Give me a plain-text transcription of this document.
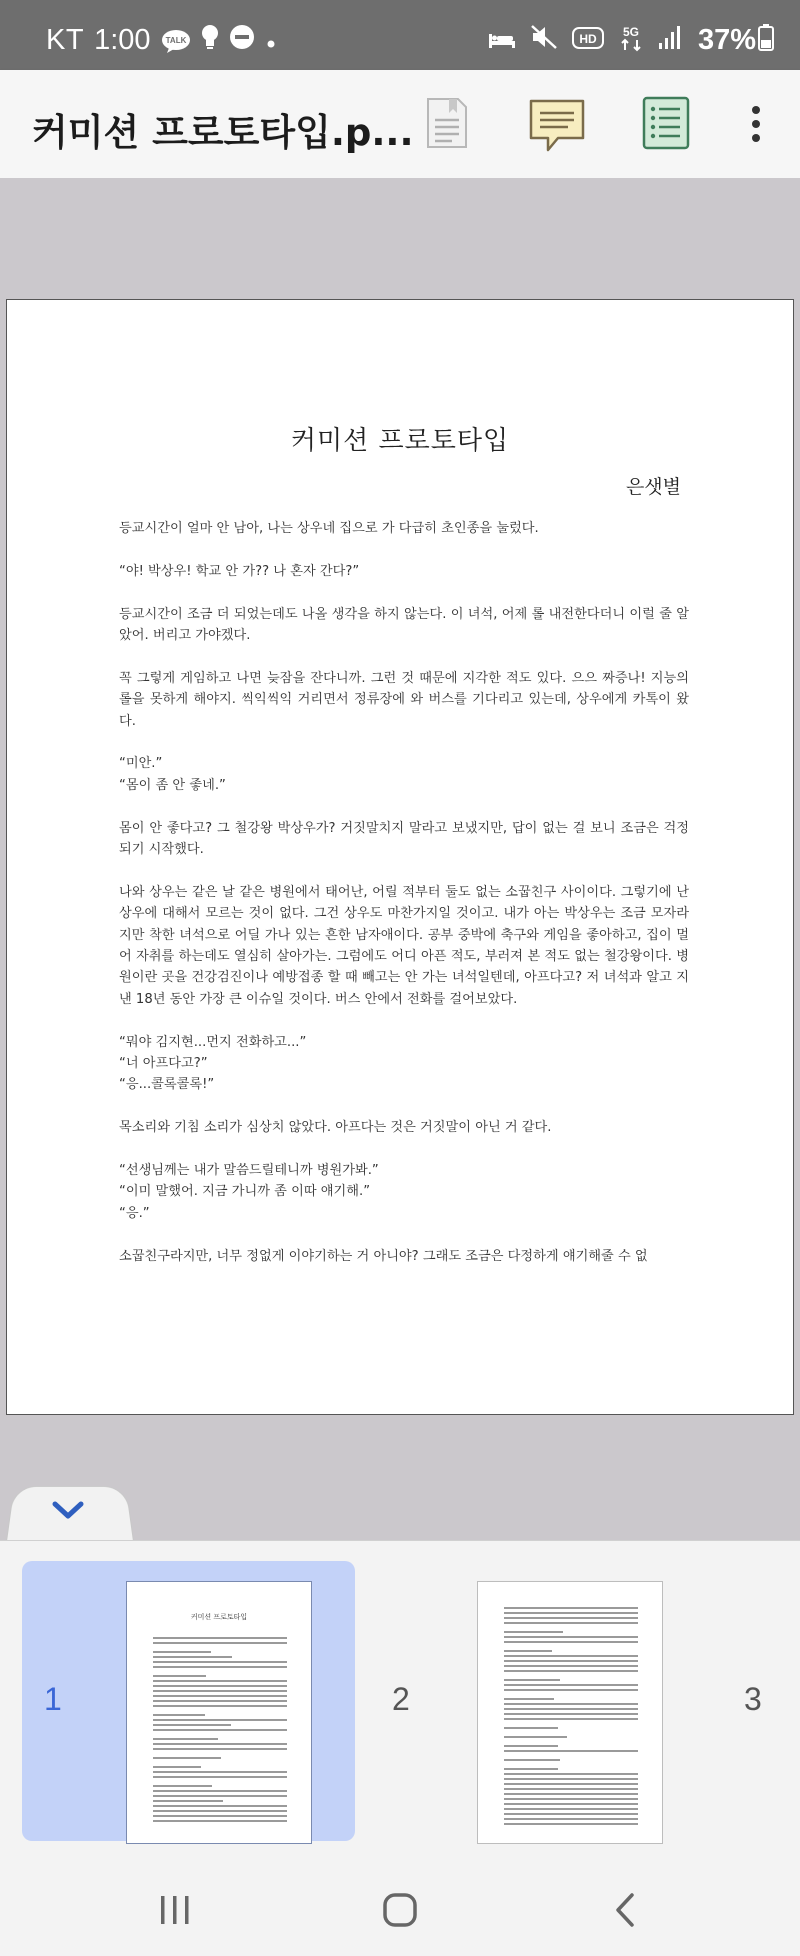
KT 1:00 TALK	HD 5G 37%
커미션 프로토타입.p...
커미션 프로토타입
은샛별

등교시간이 얼마 안 남아, 나는 상우네 집으로 가 다급히 초인종을 눌렀다.

“야! 박상우! 학교 안 가?? 나 혼자 간다?”

등교시간이 조금 더 되었는데도 나올 생각을 하지 않는다. 이 녀석, 어제 롤 내전한다더니 이럴 줄 알았어. 버리고 가야겠다.

꼭 그렇게 게임하고 나면 늦잠을 잔다니까. 그런 것 때문에 지각한 적도 있다. 으으 짜증나! 지능의 롤을 못하게 해야지. 씩익씩익 거리면서 정류장에 와 버스를 기다리고 있는데, 상우에게 카톡이 왔다.

“미안.”
“몸이 좀 안 좋네.”

몸이 안 좋다고? 그 철강왕 박상우가? 거짓말치지 말라고 보냈지만, 답이 없는 걸 보니 조금은 걱정되기 시작했다.

나와 상우는 같은 날 같은 병원에서 태어난, 어릴 적부터 둘도 없는 소꿉친구 사이이다. 그렇기에 난 상우에 대해서 모르는 것이 없다. 그건 상우도 마찬가지일 것이고. 내가 아는 박상우는 조금 모자라지만 착한 녀석으로 어딜 가나 있는 흔한 남자애이다. 공부 중박에 축구와 게임을 좋아하고, 집이 멀어 자취를 하는데도 열심히 살아가는. 그럼에도 어디 아픈 적도, 부러져 본 적도 없는 철강왕이다. 병원이란 곳을 건강검진이나 예방접종 할 때 빼고는 안 가는 녀석일텐데, 아프다고? 저 녀석과 알고 지낸 18년 동안 가장 큰 이슈일 것이다. 버스 안에서 전화를 걸어보았다.

“뭐야 김지현...먼지 전화하고...”
“너 아프다고?”
“응...콜록콜록!”

목소리와 기침 소리가 심상치 않았다. 아프다는 것은 거짓말이 아닌 거 같다.

“선생님께는 내가 말씀드릴테니까 병원가봐.”
“이미 말했어. 지금 가니까 좀 이따 얘기해.”
“응.”

소꿉친구라지만, 너무 정없게 이야기하는 거 아니야? 그래도 조금은 다정하게 얘기해줄 수 없

1
커미션 프로토타입
2	3
